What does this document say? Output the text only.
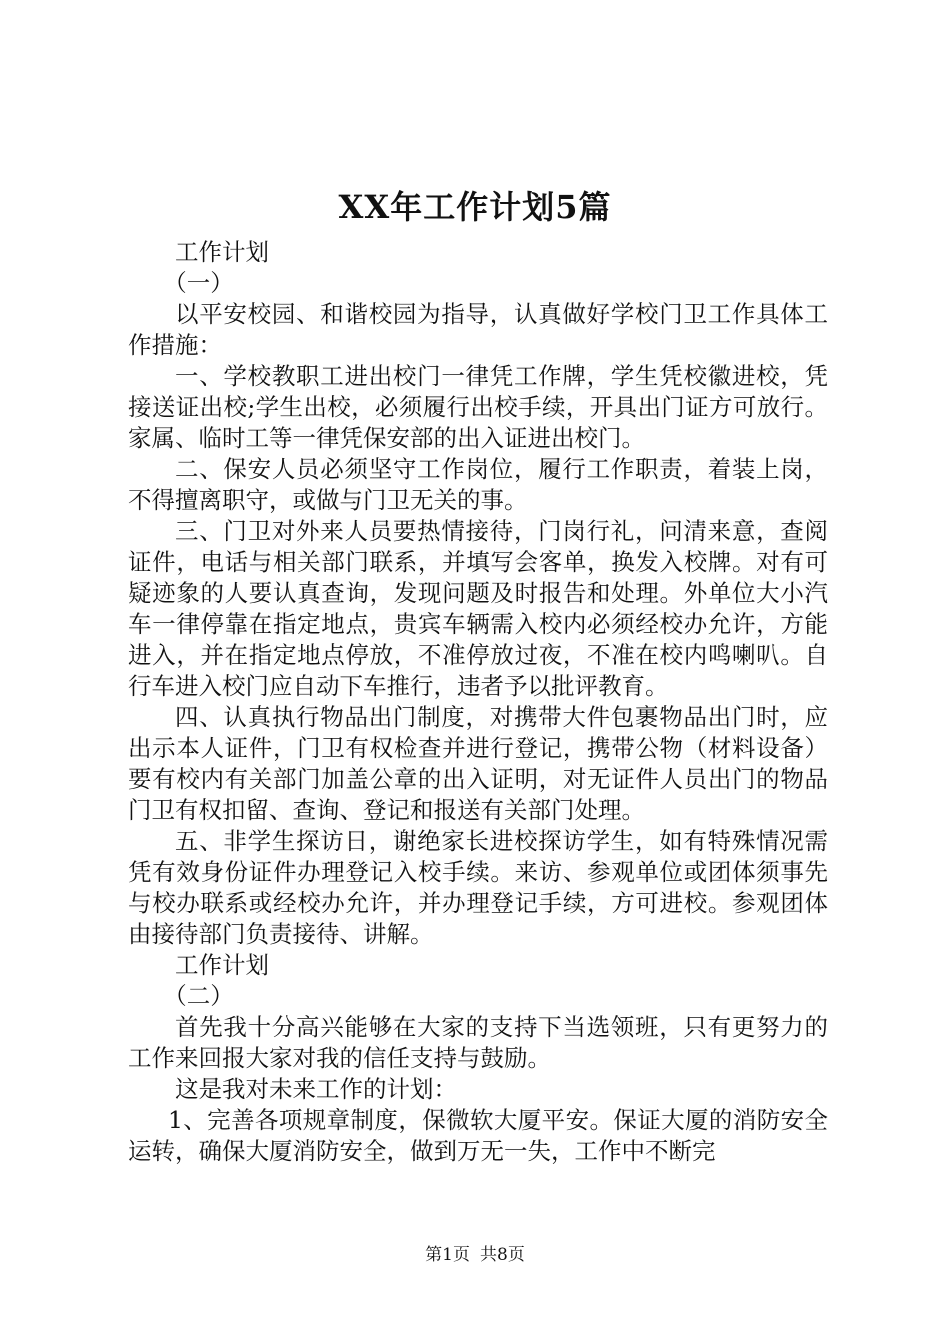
XX年工作计划5篇

工作计划

（一）

以平安校园、和谐校园为指导，认真做好学校门卫工作具体工作措施：

一、学校教职工进出校门一律凭工作牌，学生凭校徽进校，凭接送证出校;学生出校，必须履行出校手续，开具出门证方可放行。家属、临时工等一律凭保安部的出入证进出校门。

二、保安人员必须坚守工作岗位，履行工作职责，着装上岗，不得擅离职守，或做与门卫无关的事。

三、门卫对外来人员要热情接待，门岗行礼，问清来意，查阅证件，电话与相关部门联系，并填写会客单，换发入校牌。对有可疑迹象的人要认真查询，发现问题及时报告和处理。外单位大小汽车一律停靠在指定地点，贵宾车辆需入校内必须经校办允许，方能进入，并在指定地点停放，不准停放过夜，不准在校内鸣喇叭。自行车进入校门应自动下车推行，违者予以批评教育。

四、认真执行物品出门制度，对携带大件包裹物品出门时，应出示本人证件，门卫有权检查并进行登记，携带公物（材料设备）要有校内有关部门加盖公章的出入证明，对无证件人员出门的物品门卫有权扣留、查询、登记和报送有关部门处理。

五、非学生探访日，谢绝家长进校探访学生，如有特殊情况需凭有效身份证件办理登记入校手续。来访、参观单位或团体须事先与校办联系或经校办允许，并办理登记手续，方可进校。参观团体由接待部门负责接待、讲解。

工作计划

（二）

首先我十分高兴能够在大家的支持下当选领班，只有更努力的工作来回报大家对我的信任支持与鼓励。

这是我对未来工作的计划：

1、完善各项规章制度，保微软大厦平安。保证大厦的消防安全运转，确保大厦消防安全，做到万无一失，工作中不断完

第1页 共8页
